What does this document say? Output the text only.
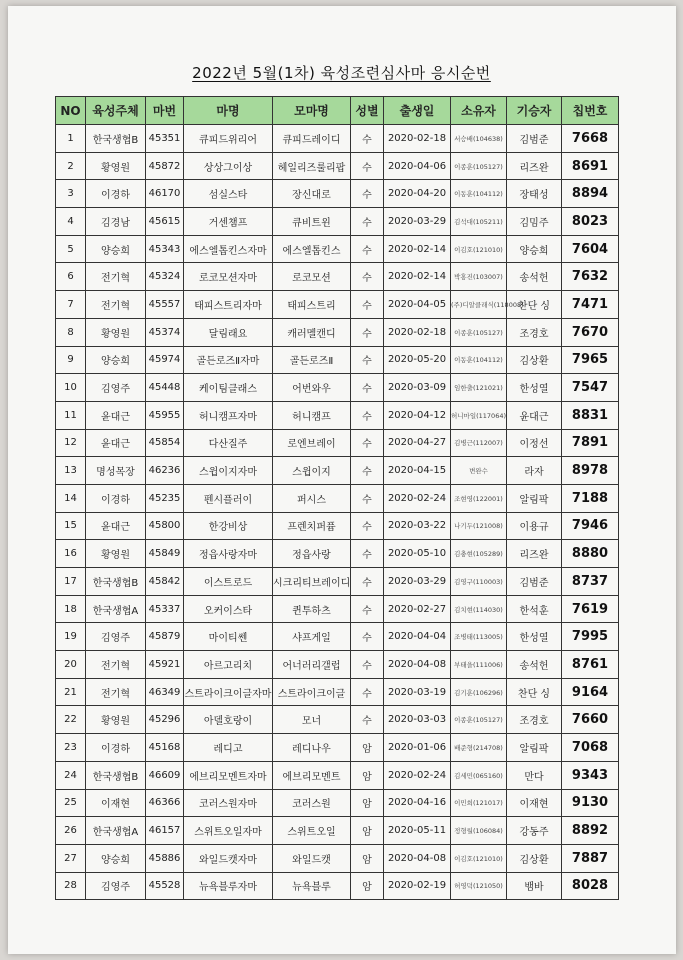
2022년 5월(1차) 육성조련심사마 응시순번
NO	육성주체	마번	마명	모마명	성별	출생일	소유자	기승자	칩번호
1	한국생협B	45351	큐피드위리어	큐피드레이디	수	2020-02-18	서승배(104638)	김범준	7668
2	황영원	45872	상상그이상	헤일리즈룰리팝	수	2020-04-06	이종훈(105127)	리즈완	8691
3	이경하	46170	섬실스타	장신대로	수	2020-04-20	이동훈(104112)	장태성	8894
4	김경남	45615	거센챔프	큐비트윈	수	2020-03-29	김석대(105211)	김밈주	8023
5	양승희	45343	에스엘톱킨스자마	에스엘톱킨스	수	2020-02-14	이김호(121010)	양승희	7604
6	전기혁	45324	로코모션자마	로코모션	수	2020-02-14	박홍진(103007)	송석헌	7632
7	전기혁	45557	태피스트리자마	태피스트리	수	2020-04-05	(주)디알클래식(118008)	찬단 싱	7471
8	황영원	45374	달림래요	캐러멜캔디	수	2020-02-18	이종훈(105127)	조경호	7670
9	양승희	45974	골든로즈Ⅱ자마	골든로즈Ⅱ	수	2020-05-20	이동훈(104112)	김상환	7965
10	김영주	45448	케이팀클래스	어번와우	수	2020-03-09	임한출(121021)	한성열	7547
11	윤대근	45955	허니캠프자마	허니캠프	수	2020-04-12	허니마일(117064)	윤대근	8831
12	윤대근	45854	다산질주	로엔브레이	수	2020-04-27	김병근(112007)	이정선	7891
13	명성목장	46236	스윕이지자마	스윕이지	수	2020-04-15	변완수	라자	8978
14	이경하	45235	펜시플러이	퍼시스	수	2020-02-24	조현영(122001)	알림팍	7188
15	윤대근	45800	한강비상	프렌치퍼퓸	수	2020-03-22	나기두(121008)	이용규	7946
16	황영원	45849	정읍사랑자마	정읍사랑	수	2020-05-10	김충현(105289)	리즈완	8880
17	한국생협B	45842	이스트로드	시크리티브레이디	수	2020-03-29	김영구(110003)	김범준	8737
18	한국생협A	45337	오커이스타	퀸투하츠	수	2020-02-27	김치현(114030)	한석훈	7619
19	김영주	45879	마이티쎈	샤프게일	수	2020-04-04	조병태(113005)	한성열	7995
20	전기혁	45921	아르고리치	어너러리갤럽	수	2020-04-08	부태을(111006)	송석헌	8761
21	전기혁	46349	스트라이크이글자마	스트라이크이글	수	2020-03-19	김기훈(106296)	찬단 싱	9164
22	황영원	45296	아델호랑이	모너	수	2020-03-03	이종훈(105127)	조경호	7660
23	이경하	45168	레디고	레디나우	암	2020-01-06	배준형(214708)	알림팍	7068
24	한국생협B	46609	에브리모멘트자마	에브리모멘트	암	2020-02-24	김세민(065160)	만다	9343
25	이재현	46366	코러스원자마	코러스원	암	2020-04-16	이민희(121017)	이재현	9130
26	한국생협A	46157	스위트오일자마	스위트오일	암	2020-05-11	정형월(106084)	강동주	8892
27	양승희	45886	와일드캣자마	와일드캣	암	2020-04-08	이김호(121010)	김상환	7887
28	김영주	45528	뉴욕블루자마	뉴욕블루	암	2020-02-19	허영덕(121050)	뱀바	8028
